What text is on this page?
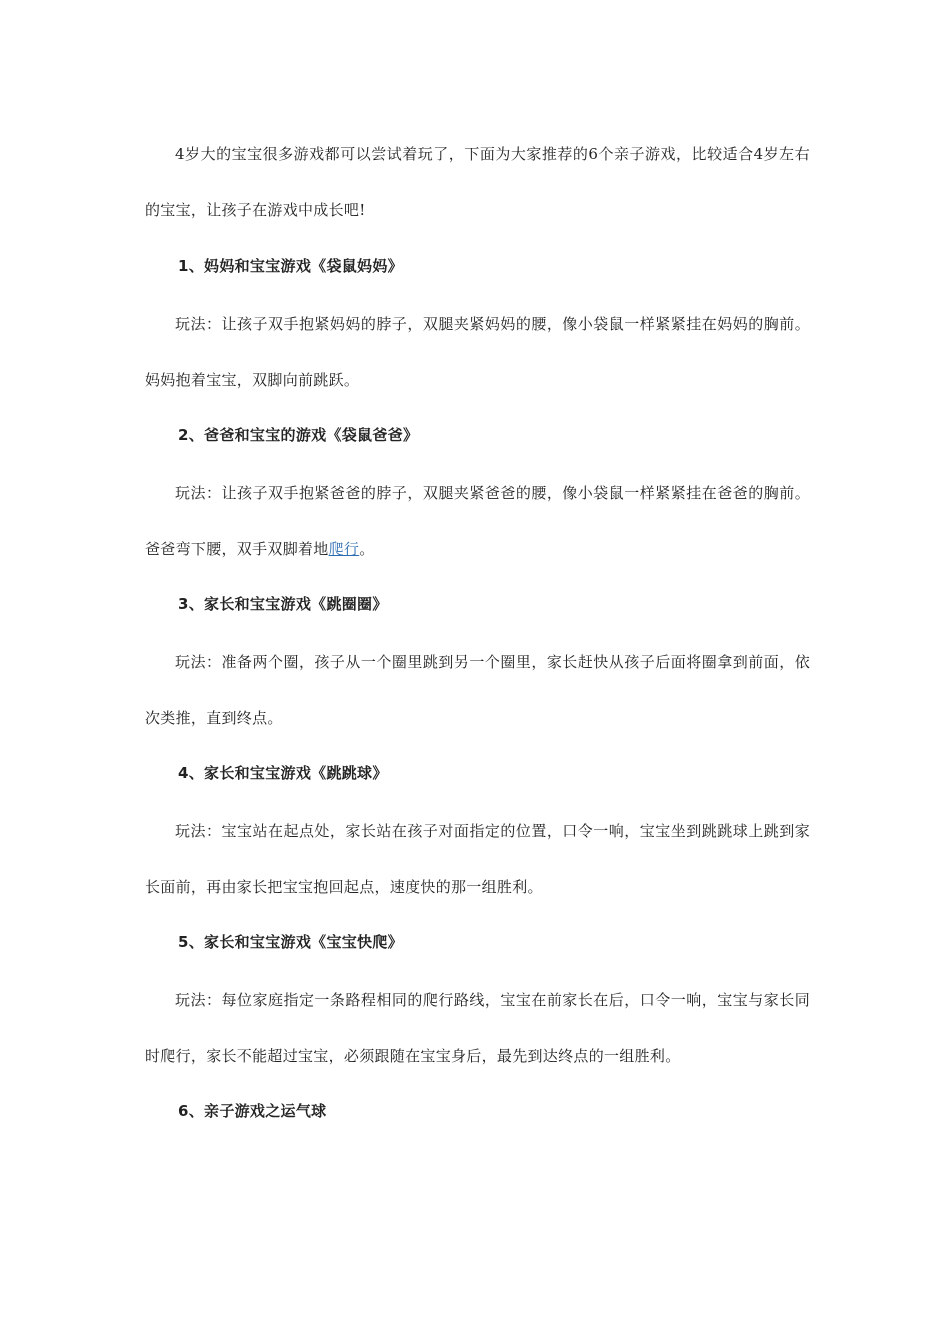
4岁大的宝宝很多游戏都可以尝试着玩了，下面为大家推荐的6个亲子游戏，比较适合4岁左右的宝宝，让孩子在游戏中成长吧!

1、妈妈和宝宝游戏《袋鼠妈妈》

玩法：让孩子双手抱紧妈妈的脖子，双腿夹紧妈妈的腰，像小袋鼠一样紧紧挂在妈妈的胸前。妈妈抱着宝宝，双脚向前跳跃。

2、爸爸和宝宝的游戏《袋鼠爸爸》

玩法：让孩子双手抱紧爸爸的脖子，双腿夹紧爸爸的腰，像小袋鼠一样紧紧挂在爸爸的胸前。爸爸弯下腰，双手双脚着地爬行。

3、家长和宝宝游戏《跳圈圈》

玩法：准备两个圈，孩子从一个圈里跳到另一个圈里，家长赶快从孩子后面将圈拿到前面，依次类推，直到终点。

4、家长和宝宝游戏《跳跳球》

玩法：宝宝站在起点处，家长站在孩子对面指定的位置，口令一响，宝宝坐到跳跳球上跳到家长面前，再由家长把宝宝抱回起点，速度快的那一组胜利。

5、家长和宝宝游戏《宝宝快爬》

玩法：每位家庭指定一条路程相同的爬行路线，宝宝在前家长在后，口令一响，宝宝与家长同时爬行，家长不能超过宝宝，必须跟随在宝宝身后，最先到达终点的一组胜利。

6、亲子游戏之运气球
